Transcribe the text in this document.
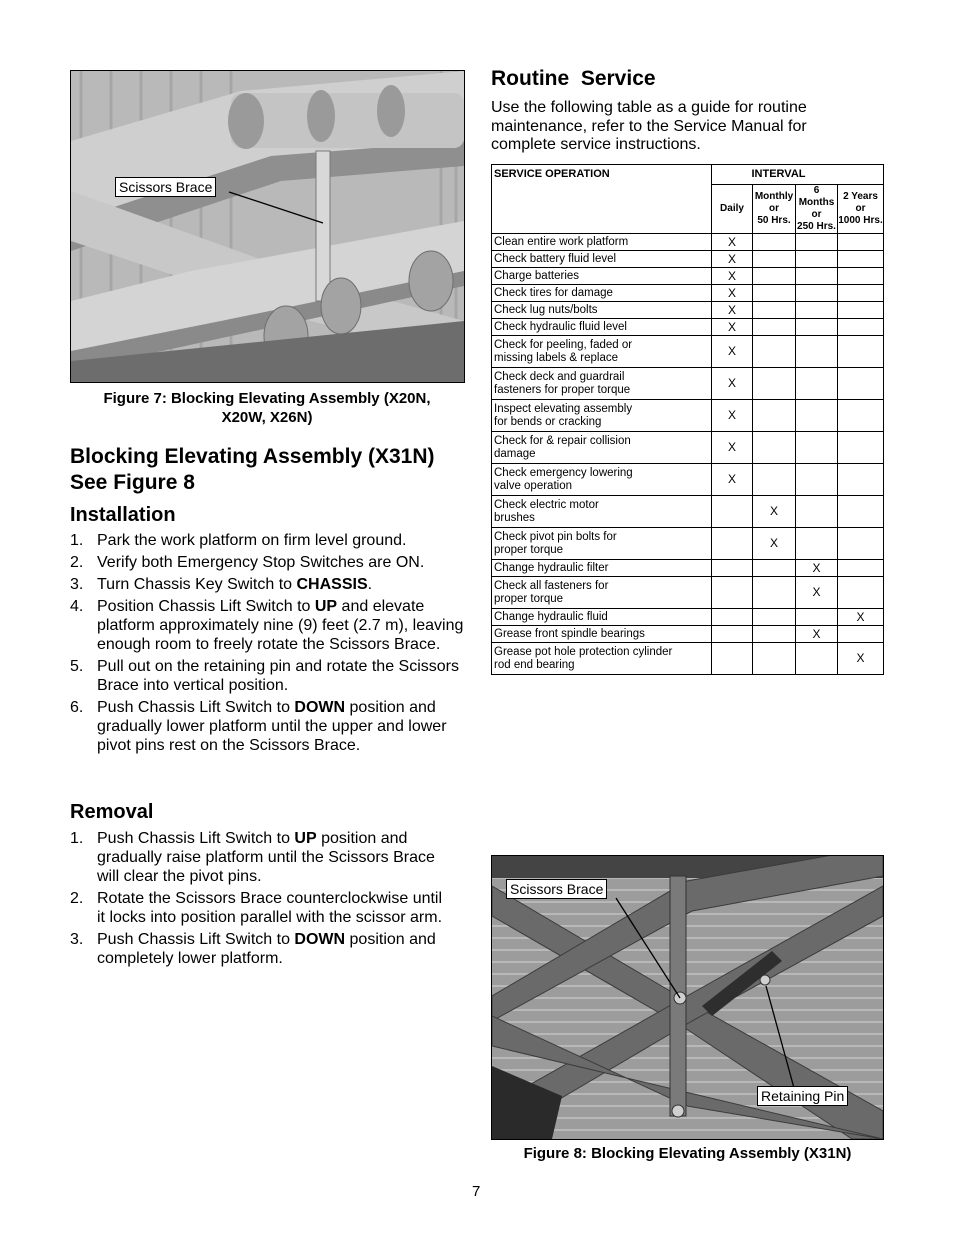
Scissors Brace
Figure 7: Blocking Elevating Assembly (X20N,
X20W, X26N)
Blocking Elevating Assembly (X31N)
See Figure 8
Installation
1. Park the work platform on firm level ground.
2. Verify both Emergency Stop Switches are ON.
3. Turn Chassis Key Switch to CHASSIS.
4. Position Chassis Lift Switch to UP and elevate platform approximately nine (9) feet (2.7 m), leaving enough room to freely rotate the Scissors Brace.
5. Pull out on the retaining pin and rotate the Scissors Brace into vertical position.
6. Push Chassis Lift Switch to DOWN position and gradually lower platform until the upper and lower pivot pins rest on the Scissors Brace.
Removal
1. Push Chassis Lift Switch to UP position and gradually raise platform until the Scissors Brace will clear the pivot pins.
2. Rotate the Scissors Brace counterclockwise until it locks into position parallel with the scissor arm.
3. Push Chassis Lift Switch to DOWN position and completely lower platform.
Routine  Service
Use the following table as a guide for routine
maintenance, refer to the Service Manual for
complete service instructions.
SERVICE OPERATION	INTERVAL			
	Daily	Monthly
or
50 Hrs.	6 Months
or
250 Hrs.	2 Years
or
1000 Hrs.
Clean entire work platform	X			
Check battery fluid level	X			
Charge batteries	X			
Check tires for damage	X			
Check lug nuts/bolts	X			
Check hydraulic fluid level	X			
Check for peeling, faded or
missing labels & replace	X			
Check deck and guardrail
fasteners for proper torque	X			
Inspect elevating assembly
for bends or cracking	X			
Check for & repair collision
damage	X			
Check emergency lowering
valve operation	X			
Check electric motor
brushes		X		
Check pivot pin bolts for
proper torque		X		
Change hydraulic filter			X	
Check all fasteners for
proper torque			X	
Change hydraulic fluid				X
Grease front spindle bearings			X	
Grease pot hole protection cylinder
rod end bearing				X
Scissors Brace
Retaining Pin
Figure 8: Blocking Elevating Assembly (X31N)
7
